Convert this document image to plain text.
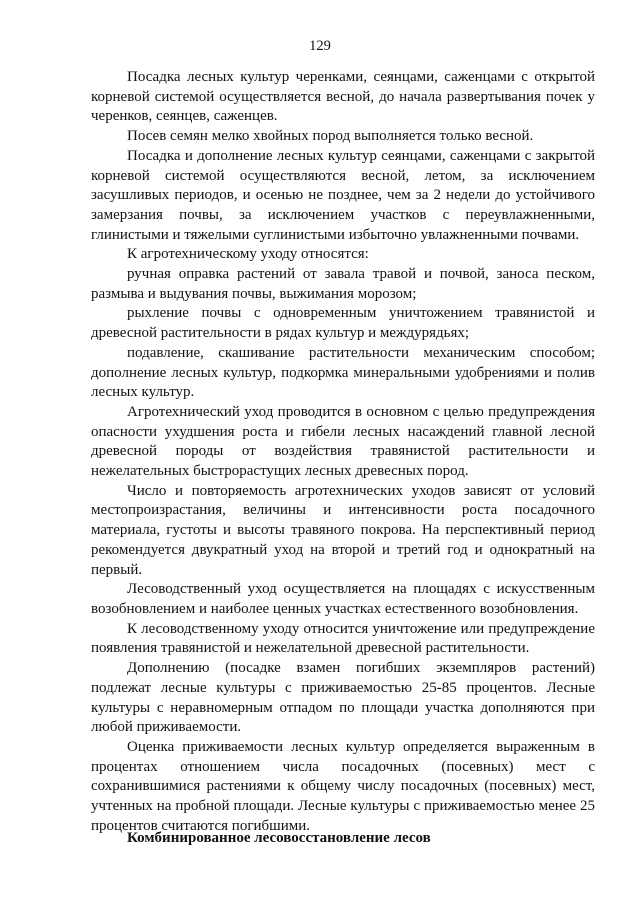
129

Посадка лесных культур черенками, сеянцами, саженцами с открытой корневой системой осуществляется весной, до начала развертывания почек у черенков, сеянцев, саженцев.

Посев семян мелко хвойных пород выполняется только весной.

Посадка и дополнение лесных культур сеянцами, саженцами с закрытой корневой системой осуществляются весной, летом, за исключением засушливых периодов, и осенью не позднее, чем за 2 недели до устойчивого замерзания почвы, за исключением участков с переувлажненными, глинистыми и тяжелыми суглинистыми избыточно увлажненными почвами.

К агротехническому уходу относятся:

ручная оправка растений от завала травой и почвой, заноса песком, размыва и выдувания почвы, выжимания морозом;

рыхление почвы с одновременным уничтожением травянистой и древесной растительности в рядах культур и междурядьях;

подавление, скашивание растительности механическим способом; дополнение лесных культур, подкормка минеральными удобрениями и полив лесных культур.

Агротехнический уход проводится в основном с целью предупреждения опасности ухудшения роста и гибели лесных насаждений главной лесной древесной породы от воздействия травянистой растительности и нежелательных быстрорастущих лесных древесных пород.

Число и повторяемость агротехнических уходов зависят от условий местопроизрастания, величины и интенсивности роста посадочного материала, густоты и высоты травяного покрова. На перспективный период рекомендуется двукратный уход на второй и третий год и однократный на первый.

Лесоводственный уход осуществляется на площадях с искусственным возобновлением и наиболее ценных участках естественного возобновления.

К лесоводственному уходу относится уничтожение или предупреждение появления травянистой и нежелательной древесной растительности.

Дополнению (посадке взамен погибших экземпляров растений) подлежат лесные культуры с приживаемостью 25-85 процентов. Лесные культуры с неравномерным отпадом по площади участка дополняются при любой приживаемости.

Оценка приживаемости лесных культур определяется выраженным в процентах отношением числа посадочных (посевных) мест с сохранившимися растениями к общему числу посадочных (посевных) мест, учтенных на пробной площади. Лесные культуры с приживаемостью менее 25 процентов считаются погибшими.

Комбинированное лесовосстановление лесов
